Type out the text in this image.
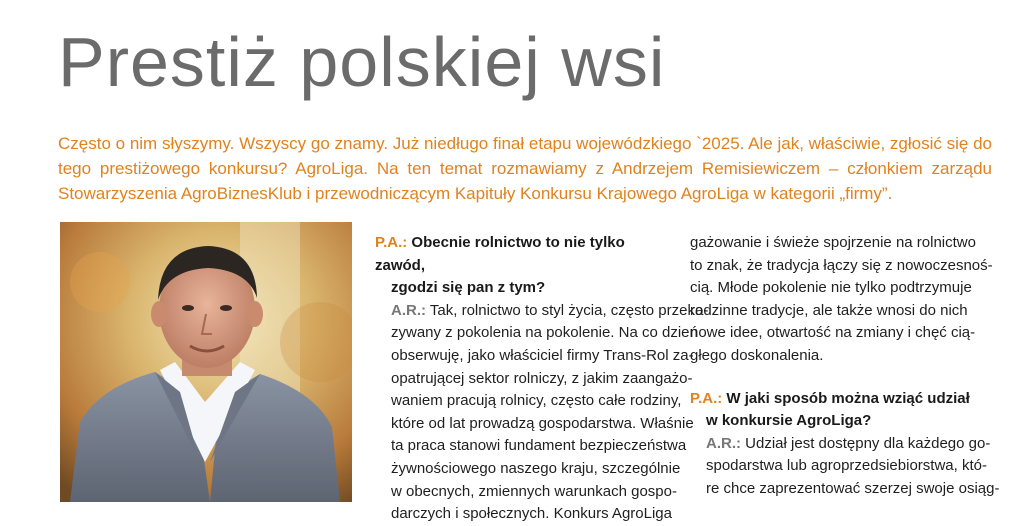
Prestiż polskiej wsi

Często o nim słyszymy. Wszyscy go znamy. Już niedługo finał etapu wojewódzkiego `2025. Ale jak, właściwie, zgłosić się do tego prestiżowego konkursu? AgroLiga. Na ten temat rozmawiamy z Andrzejem Remisiewiczem – członkiem zarządu Stowarzyszenia AgroBiznesKlub i przewodniczącym Kapituły Konkursu Krajowego AgroLiga w kategorii „firmy”.

P.A.: Obecnie rolnictwo to nie tylko zawód,
zgodzi się pan z tym?

A.R.: Tak, rolnictwo to styl życia, często przeka-
zywany z pokolenia na pokolenie. Na co dzień
obserwuję, jako właściciel firmy Trans-Rol za-
opatrującej sektor rolniczy, z jakim zaangażo-
waniem pracują rolnicy, często całe rodziny,
które od lat prowadzą gospodarstwa. Właśnie
ta praca stanowi fundament bezpieczeństwa
żywnościowego naszego kraju, szczególnie
w obecnych, zmiennych warunkach gospo-
darczych i społecznych. Konkurs AgroLiga

gażowanie i świeże spojrzenie na rolnictwo
to znak, że tradycja łączy się z nowoczesnoś-
cią. Młode pokolenie nie tylko podtrzymuje
rodzinne tradycje, ale także wnosi do nich
nowe idee, otwartość na zmiany i chęć cią-
głego doskonalenia.

P.A.: W jaki sposób można wziąć udział
w konkursie AgroLiga?

A.R.: Udział jest dostępny dla każdego go-
spodarstwa lub agroprzedsiebiorstwa, któ-
re chce zaprezentować szerzej swoje osiąg-
